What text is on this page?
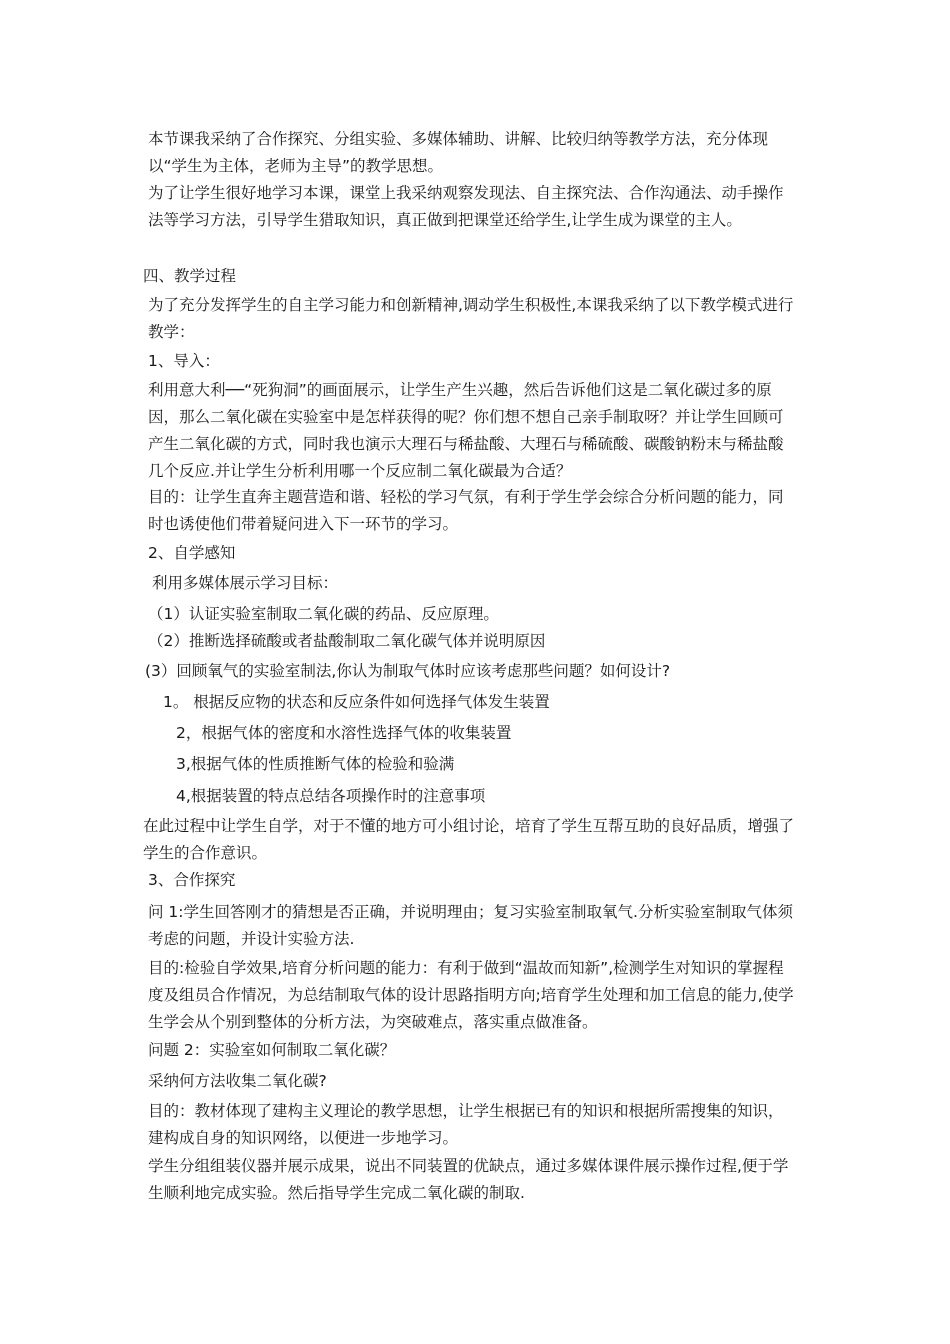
本节课我采纳了合作探究、分组实验、多媒体辅助、讲解、比较归纳等教学方法，充分体现以“学生为主体，老师为主导”的教学思想。

为了让学生很好地学习本课，课堂上我采纳观察发现法、自主探究法、合作沟通法、动手操作法等学习方法，引导学生猎取知识，真正做到把课堂还给学生,让学生成为课堂的主人。

四、教学过程

为了充分发挥学生的自主学习能力和创新精神,调动学生积极性,本课我采纳了以下教学模式进行教学：

1、导入：

利用意大利──“死狗洞”的画面展示，让学生产生兴趣，然后告诉他们这是二氧化碳过多的原因，那么二氧化碳在实验室中是怎样获得的呢？你们想不想自己亲手制取呀？并让学生回顾可产生二氧化碳的方式，同时我也演示大理石与稀盐酸、大理石与稀硫酸、碳酸钠粉末与稀盐酸几个反应.并让学生分析利用哪一个反应制二氧化碳最为合适？

目的：让学生直奔主题营造和谐、轻松的学习气氛，有利于学生学会综合分析问题的能力，同时也诱使他们带着疑问进入下一环节的学习。

2、自学感知

利用多媒体展示学习目标：

（1）认证实验室制取二氧化碳的药品、反应原理。

（2）推断选择硫酸或者盐酸制取二氧化碳气体并说明原因

(3）回顾氧气的实验室制法,你认为制取气体时应该考虑那些问题？如何设计?

1。 根据反应物的状态和反应条件如何选择气体发生装置

2，根据气体的密度和水溶性选择气体的收集装置

3,根据气体的性质推断气体的检验和验满

4,根据装置的特点总结各项操作时的注意事项

在此过程中让学生自学，对于不懂的地方可小组讨论，培育了学生互帮互助的良好品质，增强了学生的合作意识。

3、合作探究

问 1:学生回答刚才的猜想是否正确，并说明理由；复习实验室制取氧气.分析实验室制取气体须考虑的问题，并设计实验方法.

目的:检验自学效果,培育分析问题的能力：有利于做到“温故而知新”,检测学生对知识的掌握程度及组员合作情况，为总结制取气体的设计思路指明方向;培育学生处理和加工信息的能力,使学生学会从个别到整体的分析方法，为突破难点，落实重点做准备。

问题 2：实验室如何制取二氧化碳？

采纳何方法收集二氧化碳?

目的：教材体现了建构主义理论的教学思想，让学生根据已有的知识和根据所需搜集的知识，建构成自身的知识网络，以便进一步地学习。

学生分组组装仪器并展示成果，说出不同装置的优缺点，通过多媒体课件展示操作过程,便于学生顺利地完成实验。然后指导学生完成二氧化碳的制取.
